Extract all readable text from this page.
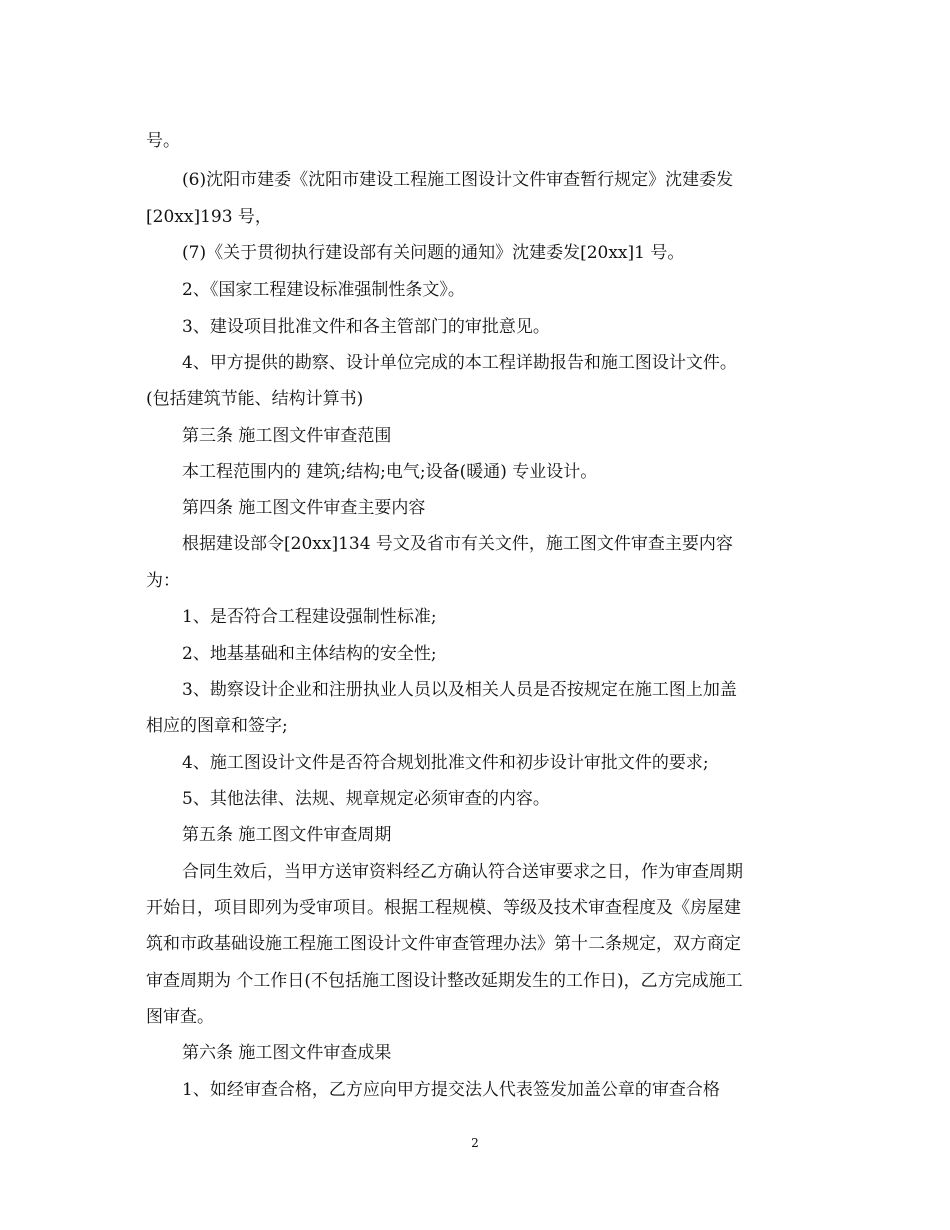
号。
(6)沈阳市建委《沈阳市建设工程施工图设计文件审查暂行规定》沈建委发
[20xx]193 号，
(7)《关于贯彻执行建设部有关问题的通知》沈建委发[20xx]1 号。
2、《国家工程建设标准强制性条文》。
3、建设项目批准文件和各主管部门的审批意见。
4、甲方提供的勘察、设计单位完成的本工程详勘报告和施工图设计文件。
(包括建筑节能、结构计算书)
第三条 施工图文件审查范围
本工程范围内的 建筑;结构;电气;设备(暖通) 专业设计。
第四条 施工图文件审查主要内容
根据建设部令[20xx]134 号文及省市有关文件，施工图文件审查主要内容
为：
1、是否符合工程建设强制性标准;
2、地基基础和主体结构的安全性;
3、勘察设计企业和注册执业人员以及相关人员是否按规定在施工图上加盖
相应的图章和签字;
4、施工图设计文件是否符合规划批准文件和初步设计审批文件的要求;
5、其他法律、法规、规章规定必须审查的内容。
第五条 施工图文件审查周期
合同生效后，当甲方送审资料经乙方确认符合送审要求之日，作为审查周期
开始日，项目即列为受审项目。根据工程规模、等级及技术审查程度及《房屋建
筑和市政基础设施工程施工图设计文件审查管理办法》第十二条规定，双方商定
审查周期为 个工作日(不包括施工图设计整改延期发生的工作日)，乙方完成施工
图审查。
第六条 施工图文件审查成果
1、如经审查合格，乙方应向甲方提交法人代表签发加盖公章的审查合格
2
